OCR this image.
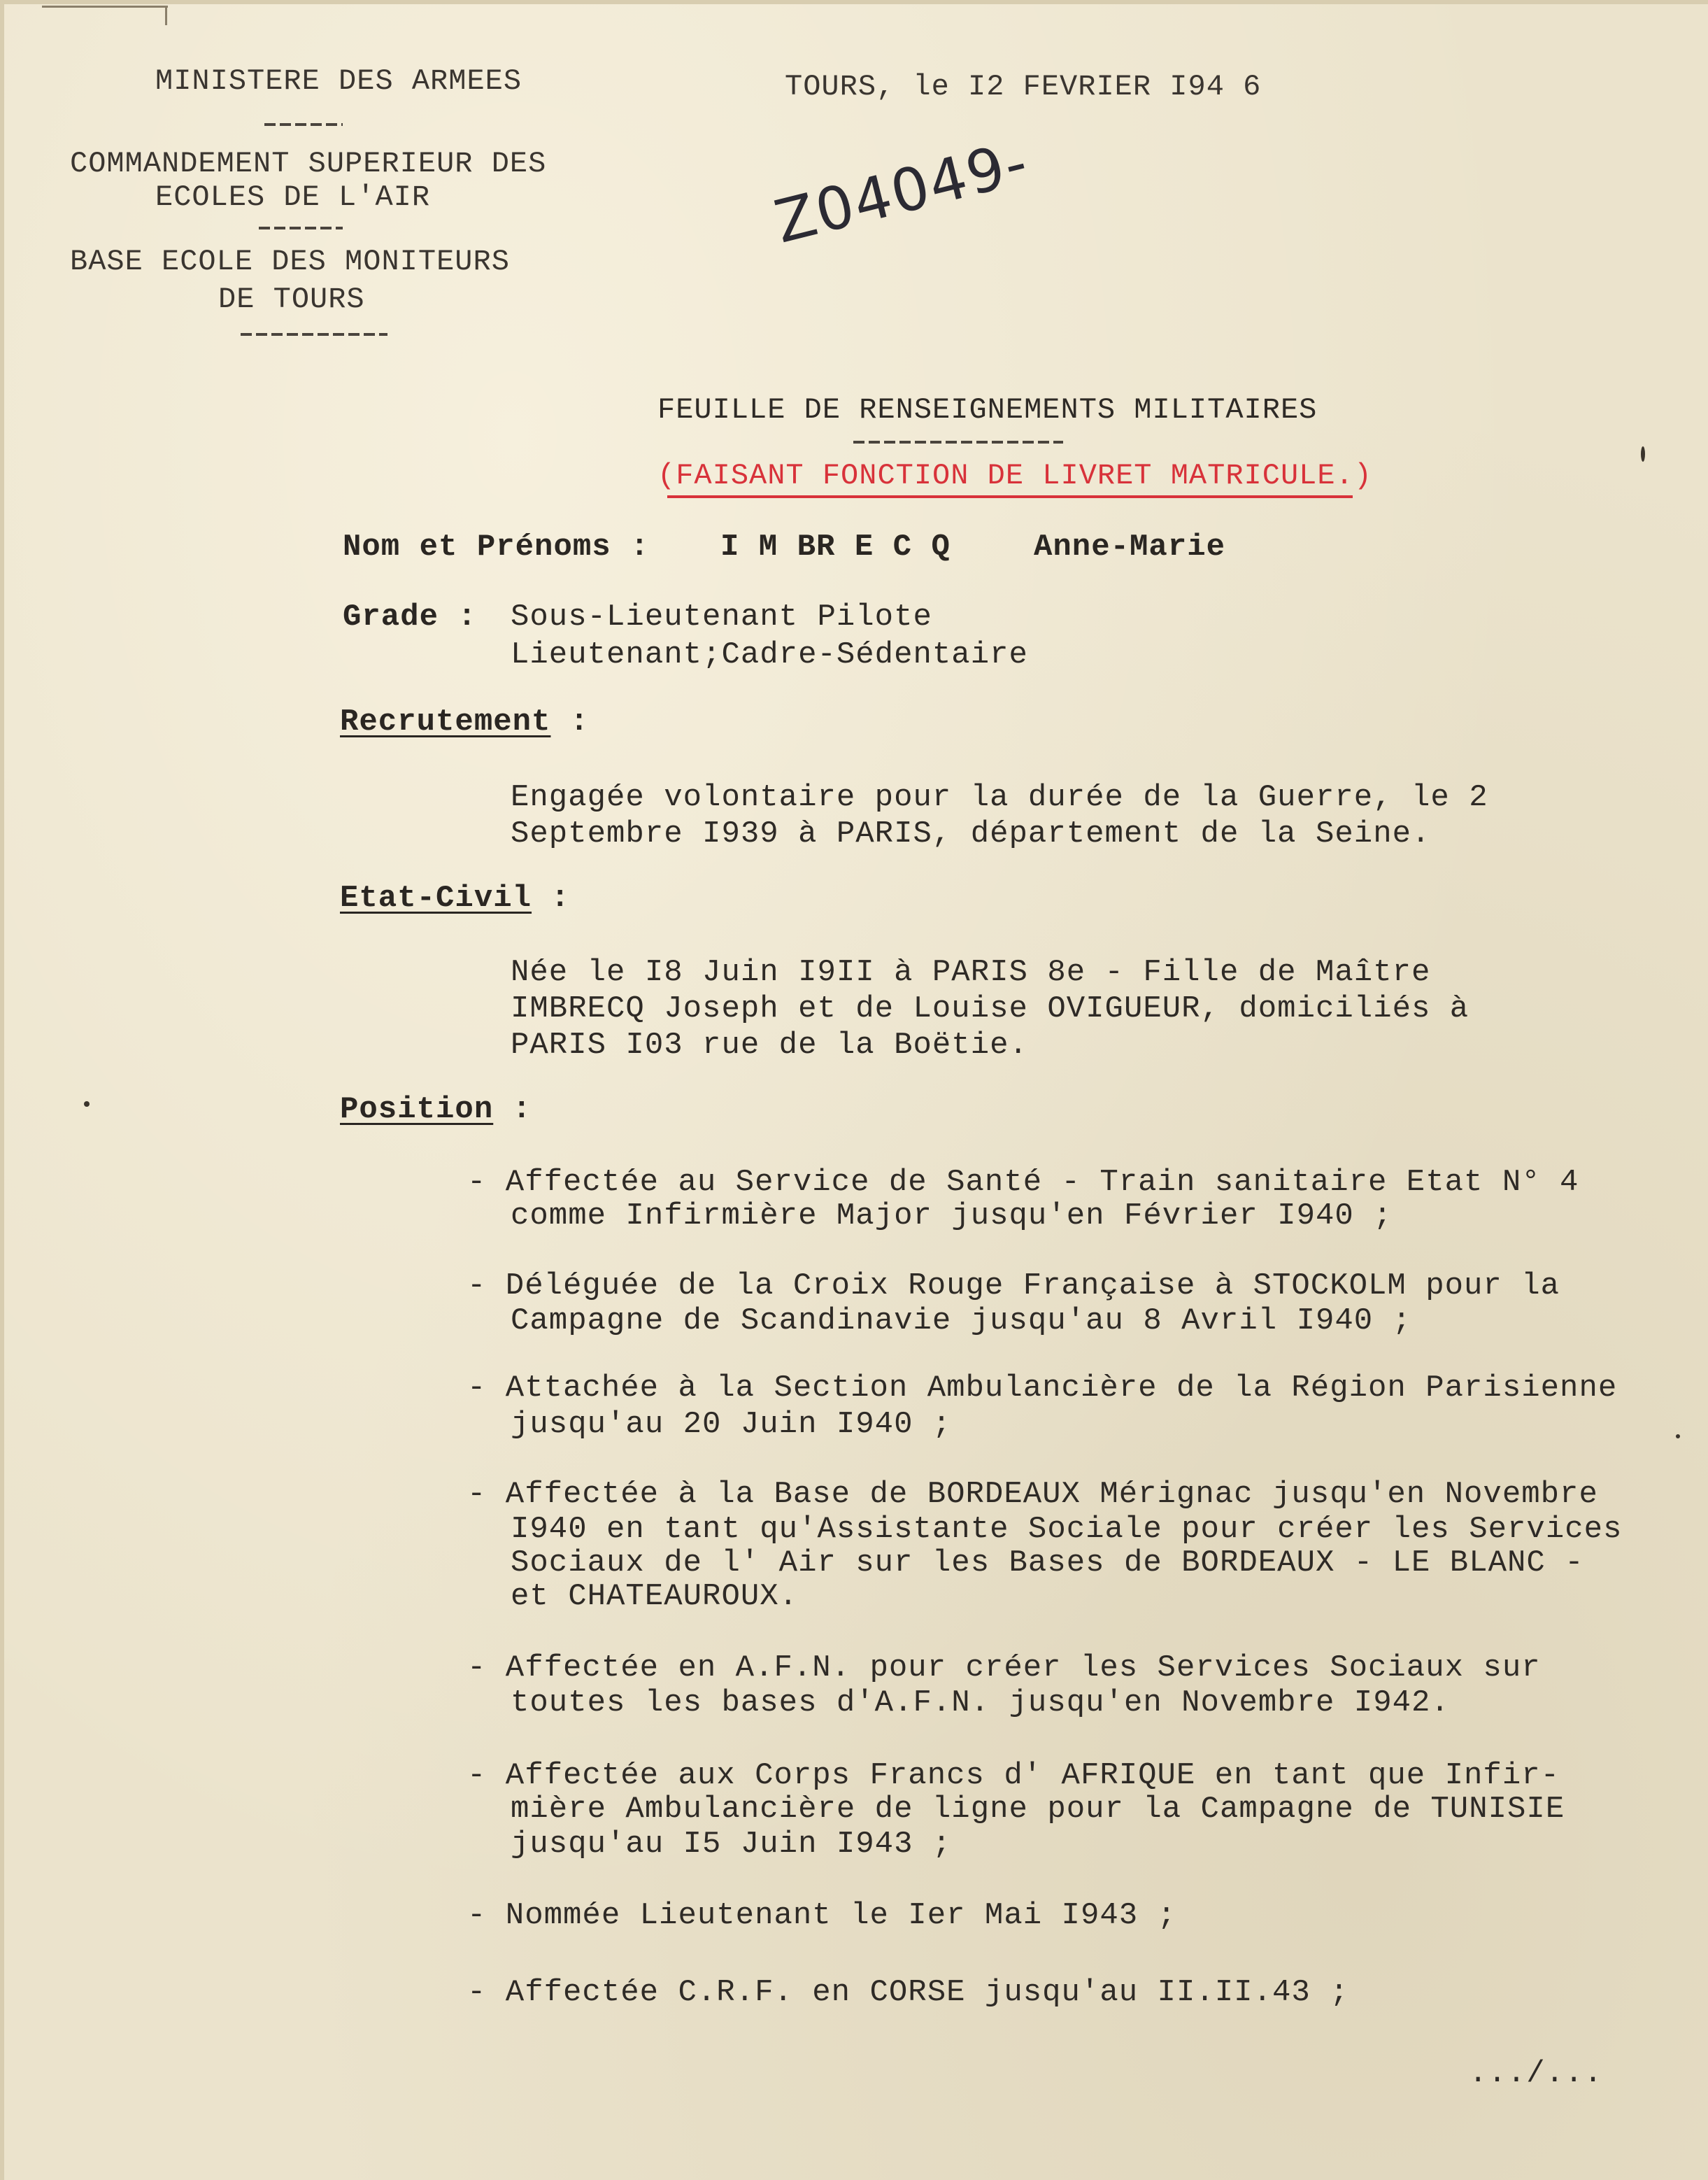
MINISTERE DES ARMEES
COMMANDEMENT SUPERIEUR DES
ECOLES DE L'AIR
BASE ECOLE DES MONITEURS
DE TOURS
TOURS, le I2 FEVRIER I94 6
Z04049-
FEUILLE DE RENSEIGNEMENTS MILITAIRES
(FAISANT FONCTION DE LIVRET MATRICULE.)
Nom et Prénoms : I M BR E C Q	Anne-Marie
Grade : Sous-Lieutenant Pilote
Lieutenant;Cadre-Sédentaire
Recrutement :
Engagée volontaire pour la durée de la Guerre, le 2
Septembre I939 à PARIS, département de la Seine.
Etat-Civil :
Née le I8 Juin I9II à PARIS 8e - Fille de Maître
IMBRECQ Joseph et de Louise OVIGUEUR, domiciliés à
PARIS I03 rue de la Boëtie.
Position :
- Affectée au Service de Santé - Train sanitaire Etat N° 4
comme Infirmière Major jusqu'en Février I940 ;
- Déléguée de la Croix Rouge Française à STOCKOLM pour la
Campagne de Scandinavie jusqu'au 8 Avril I940 ;
- Attachée à la Section Ambulancière de la Région Parisienne
jusqu'au 20 Juin I940 ;
- Affectée à la Base de BORDEAUX Mérignac jusqu'en Novembre
I940 en tant qu'Assistante Sociale pour créer les Services
Sociaux de l' Air sur les Bases de BORDEAUX - LE BLANC -
et CHATEAUROUX.
- Affectée en A.F.N. pour créer les Services Sociaux sur
toutes les bases d'A.F.N. jusqu'en Novembre I942.
- Affectée aux Corps Francs d' AFRIQUE en tant que Infir-
mière Ambulancière de ligne pour la Campagne de TUNISIE
jusqu'au I5 Juin I943 ;
- Nommée Lieutenant le Ier Mai I943 ;
- Affectée C.R.F. en CORSE jusqu'au II.II.43 ;
.../...
